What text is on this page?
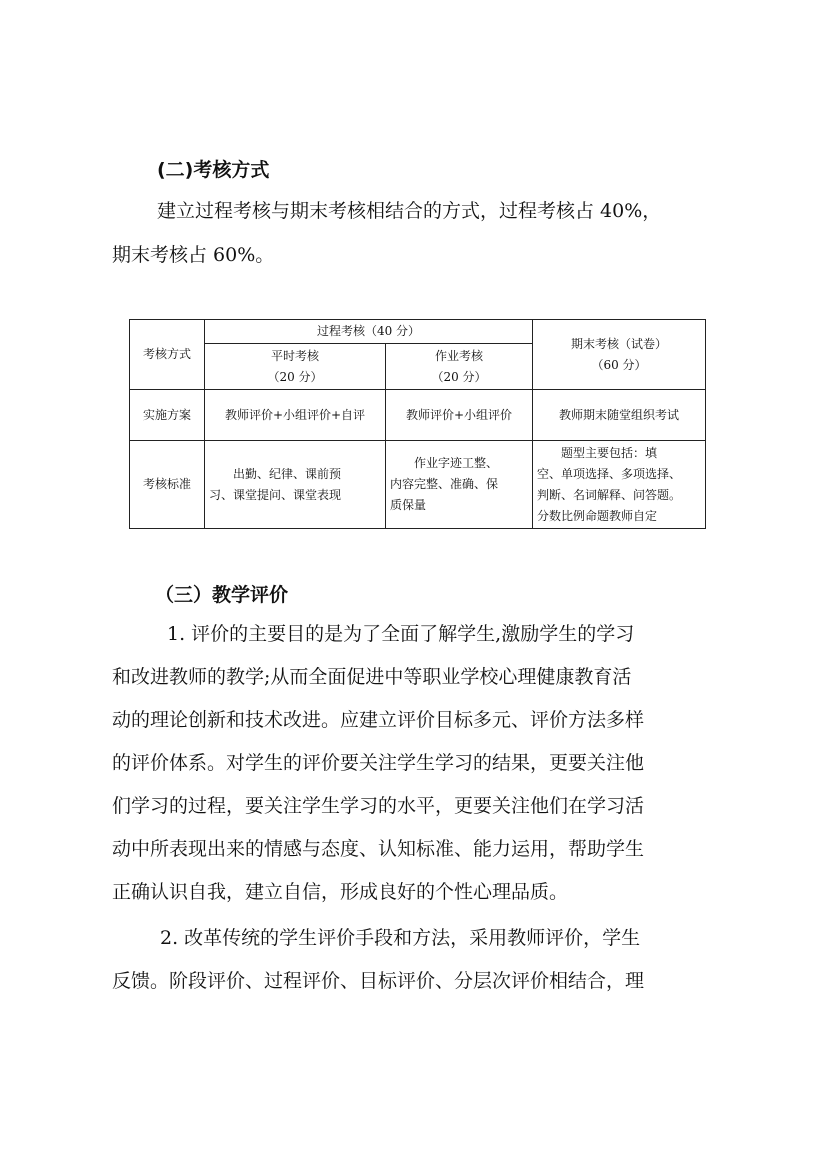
(二)考核方式
建立过程考核与期末考核相结合的方式，过程考核占 40%，
期末考核占 60%。
考核方式	过程考核（40 分）		期末考核（试卷）
（60 分）

	平时考核
（20 分）	作业考核
（20 分）	

实施方案	教师评价+小组评价+自评	教师评价+小组评价	教师期末随堂组织考试
考核标准	　　出勤、纪律、课前预
习、课堂提问、课堂表现	　　作业字迹工整、
内容完整、准确、保
质保量	　　题型主要包括：填
空、单项选择、多项选择、
判断、名词解释、问答题。
分数比例命题教师自定
（三）教学评价
1. 评价的主要目的是为了全面了解学生,激励学生的学习
和改进教师的教学;从而全面促进中等职业学校心理健康教育活
动的理论创新和技术改进。应建立评价目标多元、评价方法多样
的评价体系。对学生的评价要关注学生学习的结果，更要关注他
们学习的过程，要关注学生学习的水平，更要关注他们在学习活
动中所表现出来的情感与态度、认知标准、能力运用，帮助学生
正确认识自我，建立自信，形成良好的个性心理品质。
2. 改革传统的学生评价手段和方法，采用教师评价，学生
反馈。阶段评价、过程评价、目标评价、分层次评价相结合，理
